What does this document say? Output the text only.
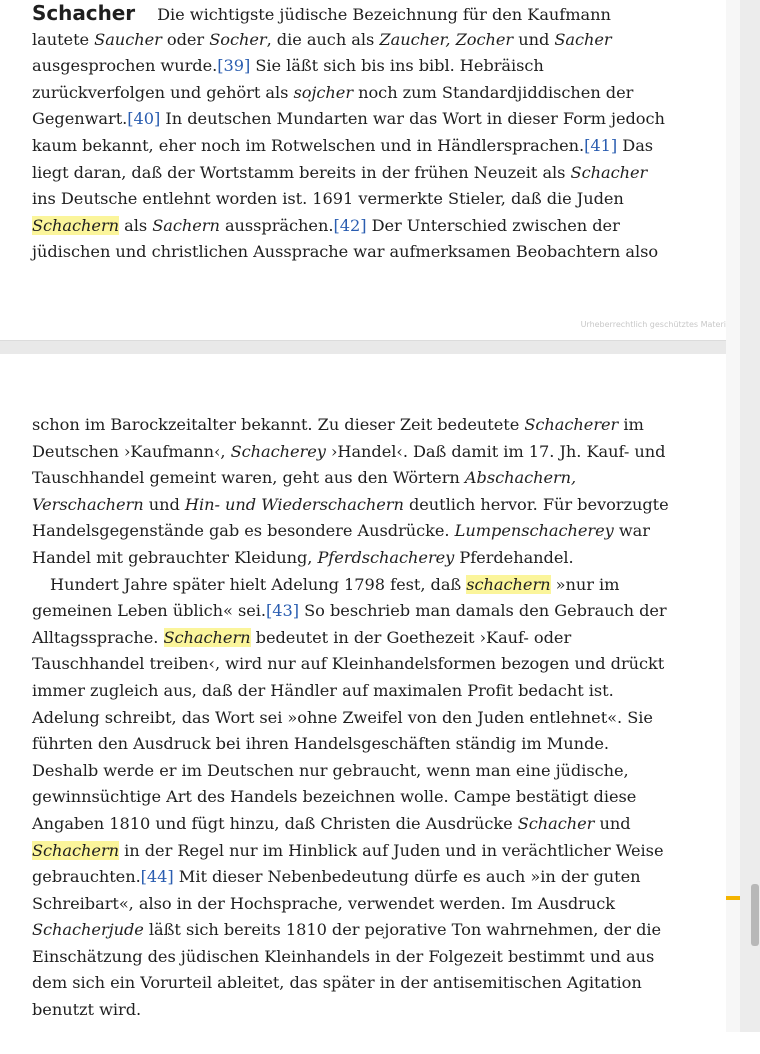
Schacher Die wichtigste jüdische Bezeichnung für den Kaufmann
lautete Saucher oder Socher, die auch als Zaucher, Zocher und Sacher
ausgesprochen wurde.[39] Sie läßt sich bis ins bibl. Hebräisch
zurückverfolgen und gehört als sojcher noch zum Standardjiddischen der
Gegenwart.[40] In deutschen Mundarten war das Wort in dieser Form jedoch
kaum bekannt, eher noch im Rotwelschen und in Händlersprachen.[41] Das
liegt daran, daß der Wortstamm bereits in der frühen Neuzeit als Schacher
ins Deutsche entlehnt worden ist. 1691 vermerkte Stieler, daß die Juden
Schachern als Sachern aussprächen.[42] Der Unterschied zwischen der
jüdischen und christlichen Aussprache war aufmerksamen Beobachtern also
Urheberrechtlich geschütztes Materi
schon im Barockzeitalter bekannt. Zu dieser Zeit bedeutete Schacherer im
Deutschen ›Kaufmann‹, Schacherey ›Handel‹. Daß damit im 17. Jh. Kauf- und
Tauschhandel gemeint waren, geht aus den Wörtern Abschachern,
Verschachern und Hin- und Wiederschachern deutlich hervor. Für bevorzugte
Handelsgegenstände gab es besondere Ausdrücke. Lumpenschacherey war
Handel mit gebrauchter Kleidung, Pferdschacherey Pferdehandel.
Hundert Jahre später hielt Adelung 1798 fest, daß schachern »nur im
gemeinen Leben üblich« sei.[43] So beschrieb man damals den Gebrauch der
Alltagssprache. Schachern bedeutet in der Goethezeit ›Kauf- oder
Tauschhandel treiben‹, wird nur auf Kleinhandelsformen bezogen und drückt
immer zugleich aus, daß der Händler auf maximalen Profit bedacht ist.
Adelung schreibt, das Wort sei »ohne Zweifel von den Juden entlehnet«. Sie
führten den Ausdruck bei ihren Handelsgeschäften ständig im Munde.
Deshalb werde er im Deutschen nur gebraucht, wenn man eine jüdische,
gewinnsüchtige Art des Handels bezeichnen wolle. Campe bestätigt diese
Angaben 1810 und fügt hinzu, daß Christen die Ausdrücke Schacher und
Schachern in der Regel nur im Hinblick auf Juden und in verächtlicher Weise
gebrauchten.[44] Mit dieser Nebenbedeutung dürfe es auch »in der guten
Schreibart«, also in der Hochsprache, verwendet werden. Im Ausdruck
Schacherjude läßt sich bereits 1810 der pejorative Ton wahrnehmen, der die
Einschätzung des jüdischen Kleinhandels in der Folgezeit bestimmt und aus
dem sich ein Vorurteil ableitet, das später in der antisemitischen Agitation
benutzt wird.
